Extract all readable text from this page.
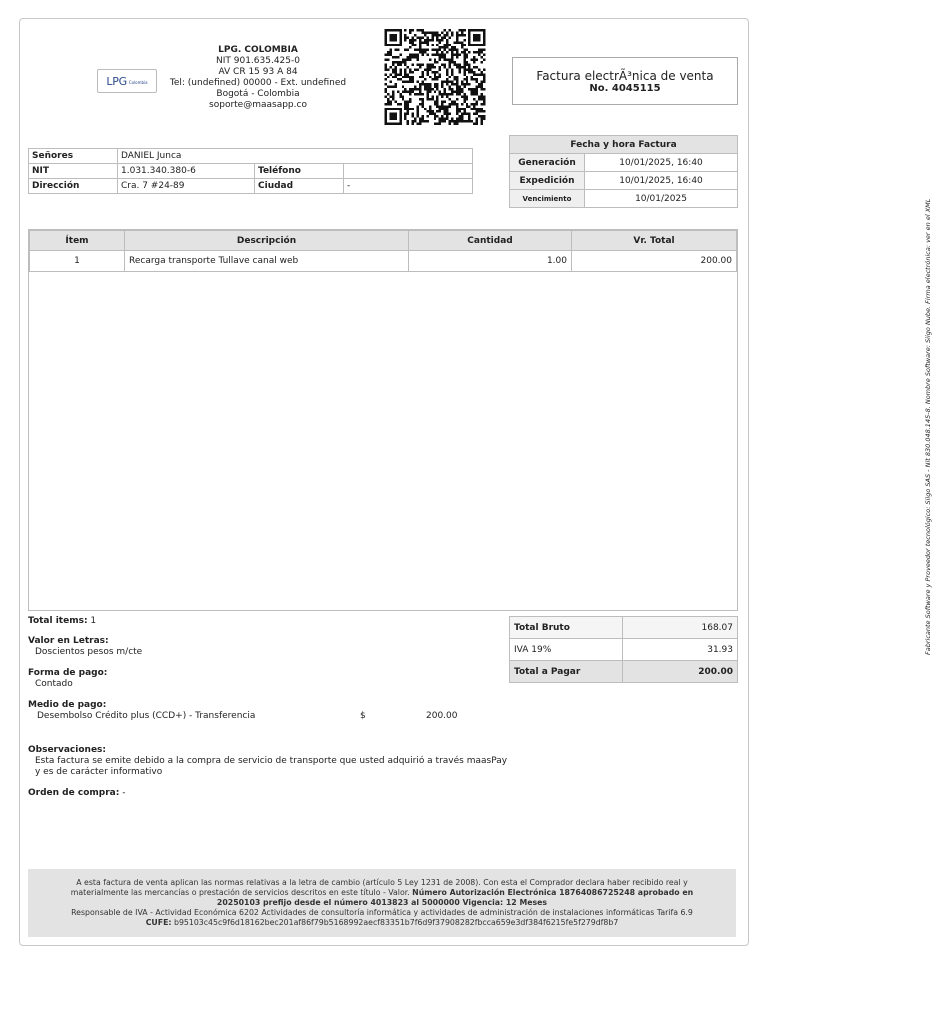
LPG Colombia
LPG. COLOMBIA
NIT 901.635.425-0
AV CR 15 93 A 84
Tel: (undefined) 00000 - Ext. undefined
Bogotá - Colombia
soporte@maasapp.co
Factura electrÃ³nica de venta
No. 4045115
Señores	DANIEL Junca		
NIT	1.031.340.380-6	Teléfono	
Dirección	Cra. 7 #24-89	Ciudad	-
Fecha y hora Factura	
Generación	10/01/2025, 16:40
Expedición	10/01/2025, 16:40
Vencimiento	10/01/2025
Ítem	Descripción	Cantidad	Vr. Total
1	Recarga transporte Tullave canal web	1.00	200.00	Fabricante Software y Proveedor tecnológico: Siigo SAS - Nit 830.048.145-8. Nombre Software: Siigo Nube. Firma electrónica: ver en el XML
Total items: 1
Valor en Letras:
Doscientos pesos m/cte
Forma de pago:
Contado
Medio de pago:
Desembolso Crédito plus (CCD+) - Transferencia	$	200.00
Observaciones:
Esta factura se emite debido a la compra de servicio de transporte que usted adquirió a través maasPay
y es de carácter informativo
Orden de compra: -
Total Bruto	168.07
IVA 19%	31.93
Total a Pagar	200.00
A esta factura de venta aplican las normas relativas a la letra de cambio (artículo 5 Ley 1231 de 2008). Con esta el Comprador declara haber recibido real y
materialmente las mercancías o prestación de servicios descritos en este título - Valor. Número Autorización Electrónica 18764086725248 aprobado en
20250103 prefijo desde el número 4013823 al 5000000 Vigencia: 12 Meses
Responsable de IVA - Actividad Económica 6202 Actividades de consultoría informática y actividades de administración de instalaciones informáticas Tarifa 6.9
CUFE: b95103c45c9f6d18162bec201af86f79b5168992aecf83351b7f6d9f37908282fbcca659e3df384f6215fe5f279df8b7
